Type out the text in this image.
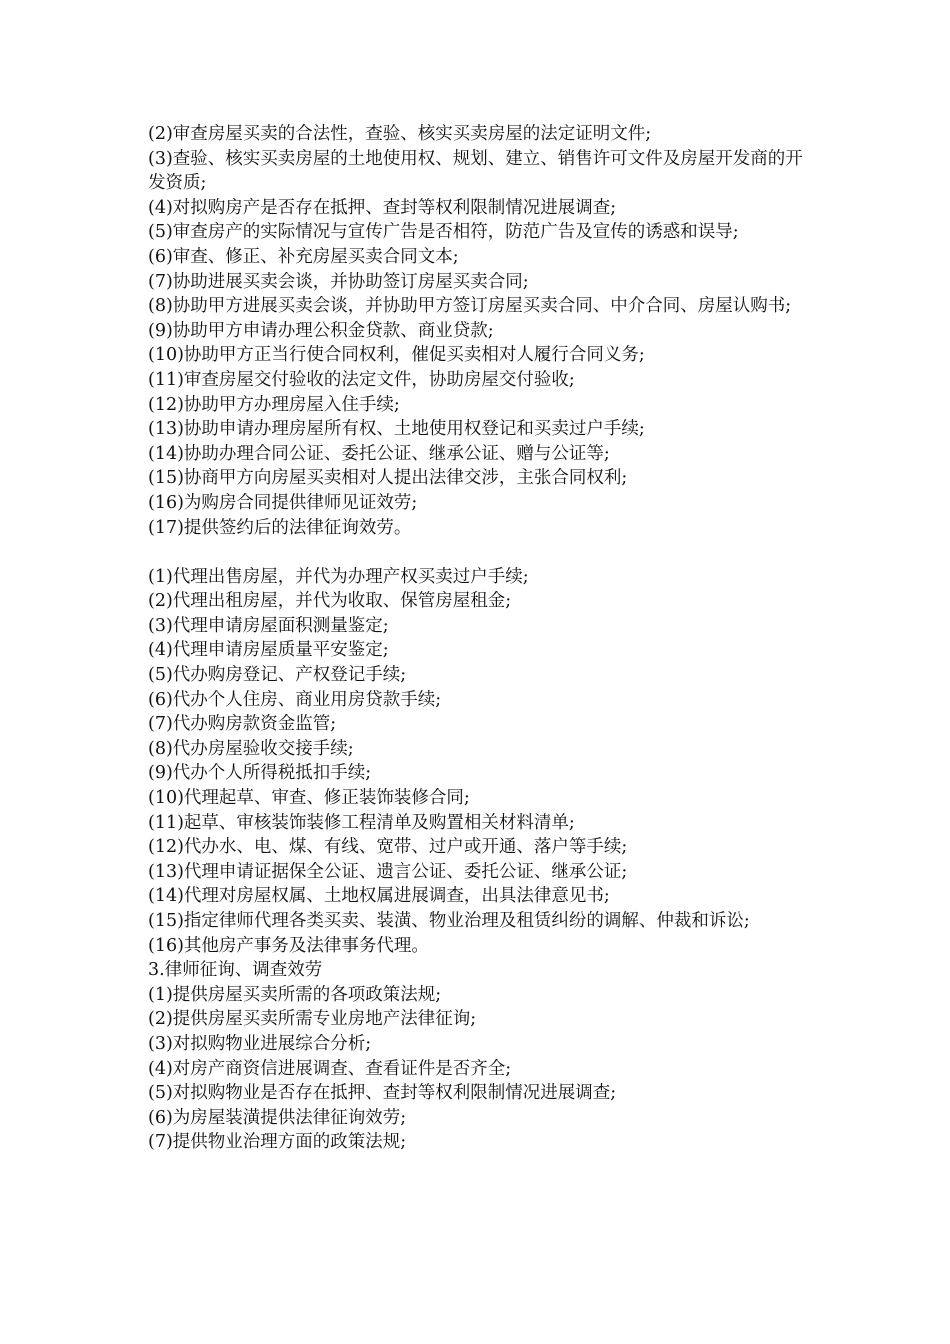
(2)审查房屋买卖的合法性，查验、核实买卖房屋的法定证明文件;
(3)查验、核实买卖房屋的土地使用权、规划、建立、销售许可文件及房屋开发商的开发资质;
(4)对拟购房产是否存在抵押、查封等权利限制情况进展调查;
(5)审查房产的实际情况与宣传广告是否相符，防范广告及宣传的诱惑和误导;
(6)审查、修正、补充房屋买卖合同文本;
(7)协助进展买卖会谈，并协助签订房屋买卖合同;
(8)协助甲方进展买卖会谈，并协助甲方签订房屋买卖合同、中介合同、房屋认购书;
(9)协助甲方申请办理公积金贷款、商业贷款;
(10)协助甲方正当行使合同权利，催促买卖相对人履行合同义务;
(11)审查房屋交付验收的法定文件，协助房屋交付验收;
(12)协助甲方办理房屋入住手续;
(13)协助申请办理房屋所有权、土地使用权登记和买卖过户手续;
(14)协助办理合同公证、委托公证、继承公证、赠与公证等;
(15)协商甲方向房屋买卖相对人提出法律交涉，主张合同权利;
(16)为购房合同提供律师见证效劳;
(17)提供签约后的法律征询效劳。
(1)代理出售房屋，并代为办理产权买卖过户手续;
(2)代理出租房屋，并代为收取、保管房屋租金;
(3)代理申请房屋面积测量鉴定;
(4)代理申请房屋质量平安鉴定;
(5)代办购房登记、产权登记手续;
(6)代办个人住房、商业用房贷款手续;
(7)代办购房款资金监管;
(8)代办房屋验收交接手续;
(9)代办个人所得税抵扣手续;
(10)代理起草、审查、修正装饰装修合同;
(11)起草、审核装饰装修工程清单及购置相关材料清单;
(12)代办水、电、煤、有线、宽带、过户或开通、落户等手续;
(13)代理申请证据保全公证、遗言公证、委托公证、继承公证;
(14)代理对房屋权属、土地权属进展调查，出具法律意见书;
(15)指定律师代理各类买卖、装潢、物业治理及租赁纠纷的调解、仲裁和诉讼;
(16)其他房产事务及法律事务代理。
3.律师征询、调查效劳
(1)提供房屋买卖所需的各项政策法规;
(2)提供房屋买卖所需专业房地产法律征询;
(3)对拟购物业进展综合分析;
(4)对房产商资信进展调查、查看证件是否齐全;
(5)对拟购物业是否存在抵押、查封等权利限制情况进展调查;
(6)为房屋装潢提供法律征询效劳;
(7)提供物业治理方面的政策法规;
